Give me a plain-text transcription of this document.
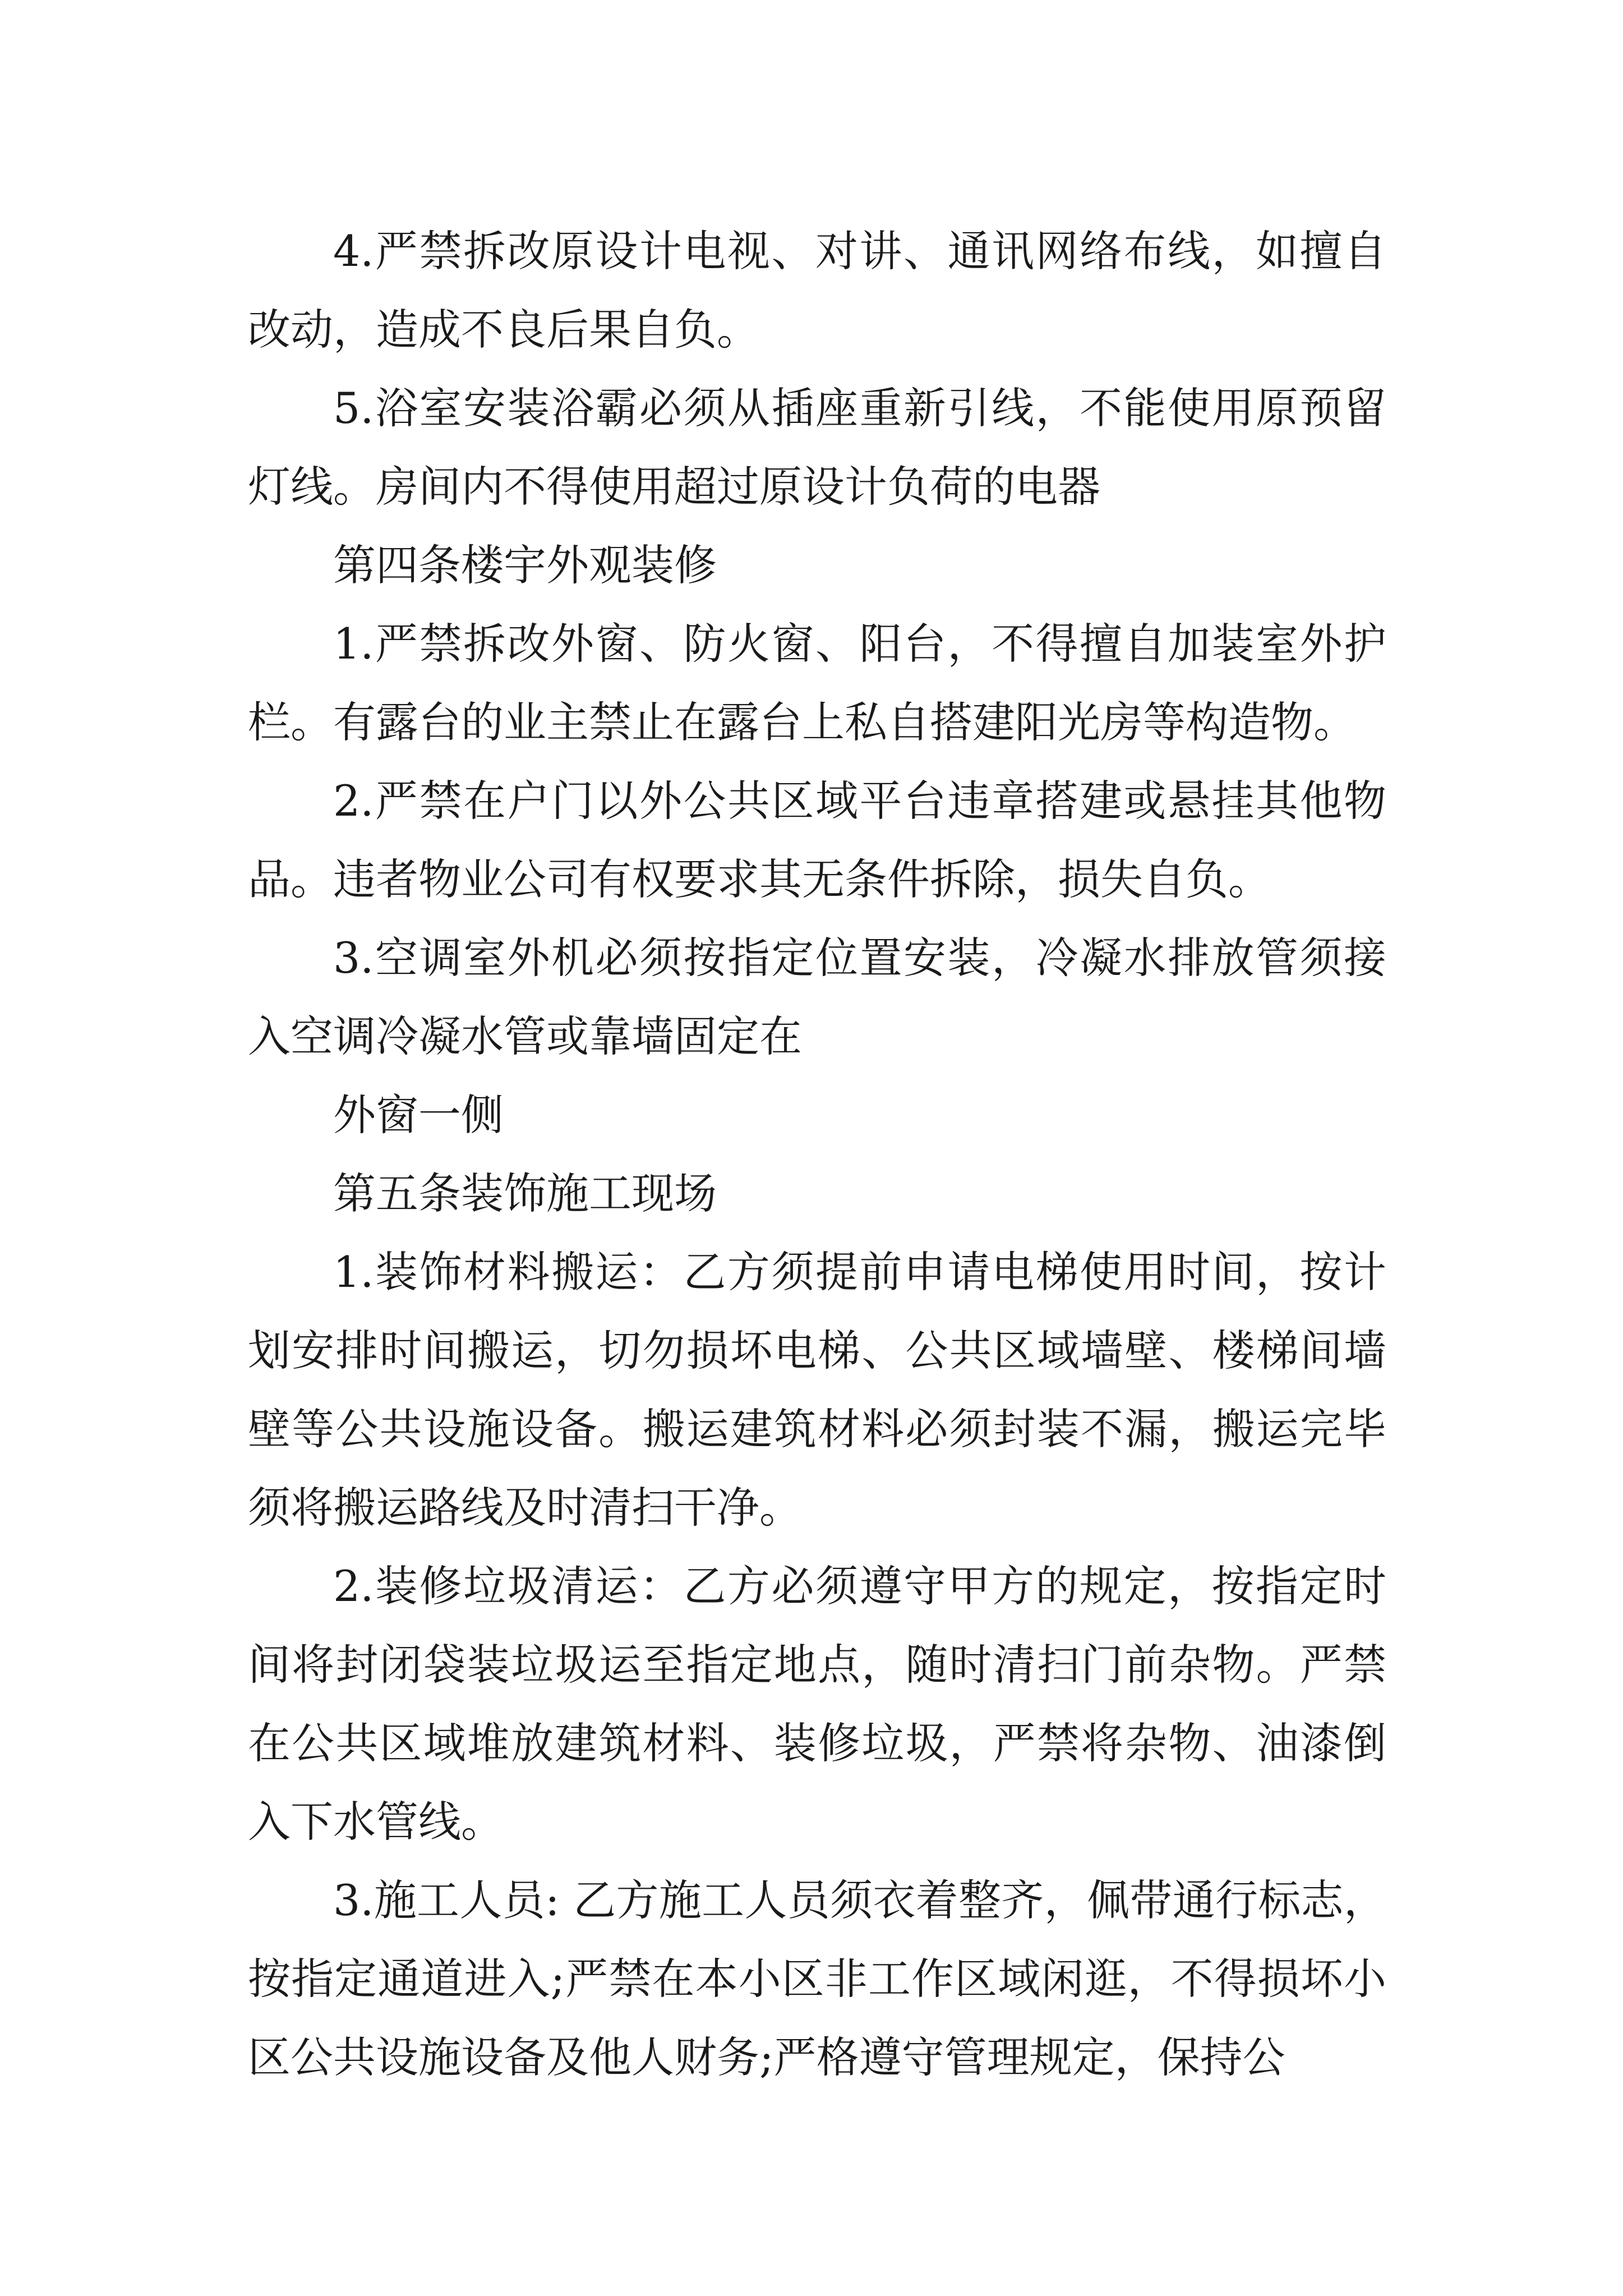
4.严禁拆改原设计电视、对讲、通讯网络布线，如擅自改动，造成不良后果自负。

5.浴室安装浴霸必须从插座重新引线，不能使用原预留灯线。房间内不得使用超过原设计负荷的电器

第四条楼宇外观装修

1.严禁拆改外窗、防火窗、阳台，不得擅自加装室外护栏。有露台的业主禁止在露台上私自搭建阳光房等构造物。

2.严禁在户门以外公共区域平台违章搭建或悬挂其他物品。违者物业公司有权要求其无条件拆除，损失自负。

3.空调室外机必须按指定位置安装，冷凝水排放管须接入空调冷凝水管或靠墙固定在

外窗一侧

第五条装饰施工现场

1.装饰材料搬运：乙方须提前申请电梯使用时间，按计划安排时间搬运，切勿损坏电梯、公共区域墙壁、楼梯间墙壁等公共设施设备。搬运建筑材料必须封装不漏，搬运完毕须将搬运路线及时清扫干净。

2.装修垃圾清运：乙方必须遵守甲方的规定，按指定时间将封闭袋装垃圾运至指定地点，随时清扫门前杂物。严禁在公共区域堆放建筑材料、装修垃圾，严禁将杂物、油漆倒入下水管线。

3.施工人员: 乙方施工人员须衣着整齐，佩带通行标志，按指定通道进入;严禁在本小区非工作区域闲逛，不得损坏小区公共设施设备及他人财务;严格遵守管理规定，保持公
